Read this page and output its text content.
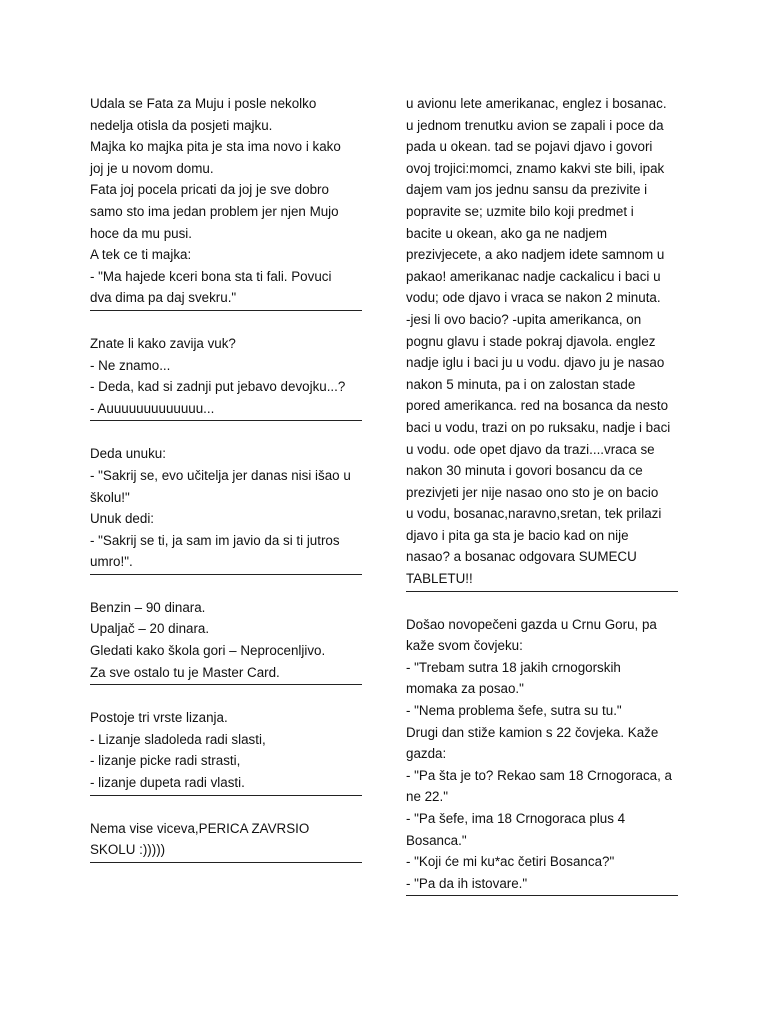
Udala se Fata za Muju i posle nekolko
nedelja otisla da posjeti majku.
Majka ko majka pita je sta ima novo i kako
joj je u novom domu.
Fata joj pocela pricati da joj je sve dobro
samo sto ima jedan problem jer njen Mujo
hoce da mu pusi.
A tek ce ti majka:
- "Ma hajede kceri bona sta ti fali. Povuci
dva dima pa daj svekru."
Znate li kako zavija vuk?
- Ne znamo...
- Deda, kad si zadnji put jebavo devojku...?
- Auuuuuuuuuuuuu...
Deda unuku:
- "Sakrij se, evo učitelja jer danas nisi išao u
školu!"
Unuk dedi:
- "Sakrij se ti, ja sam im javio da si ti jutros
umro!".
Benzin – 90 dinara.
Upaljač – 20 dinara.
Gledati kako škola gori – Neprocenljivo.
Za sve ostalo tu je Master Card.
Postoje tri vrste lizanja.
- Lizanje sladoleda radi slasti,
- lizanje picke radi strasti,
- lizanje dupeta radi vlasti.
Nema vise viceva,PERICA ZAVRSIO
SKOLU :)))))
u avionu lete amerikanac, englez i bosanac.
u jednom trenutku avion se zapali i poce da
pada u okean. tad se pojavi djavo i govori
ovoj trojici:momci, znamo kakvi ste bili, ipak
dajem vam jos jednu sansu da prezivite i
popravite se; uzmite bilo koji predmet i
bacite u okean, ako ga ne nadjem
prezivjecete, a ako nadjem idete samnom u
pakao! amerikanac nadje cackalicu i baci u
vodu; ode djavo i vraca se nakon 2 minuta.
-jesi li ovo bacio? -upita amerikanca, on
pognu glavu i stade pokraj djavola. englez
nadje iglu i baci ju u vodu. djavo ju je nasao
nakon 5 minuta, pa i on zalostan stade
pored amerikanca. red na bosanca da nesto
baci u vodu, trazi on po ruksaku, nadje i baci
u vodu. ode opet djavo da trazi....vraca se
nakon 30 minuta i govori bosancu da ce
prezivjeti jer nije nasao ono sto je on bacio
u vodu, bosanac,naravno,sretan, tek prilazi
djavo i pita ga sta je bacio kad on nije
nasao? a bosanac odgovara SUMECU
TABLETU!!
Došao novopečeni gazda u Crnu Goru, pa
kaže svom čovjeku:
- "Trebam sutra 18 jakih crnogorskih
momaka za posao."
- "Nema problema šefe, sutra su tu."
Drugi dan stiže kamion s 22 čovjeka. Kaže
gazda:
- "Pa šta je to? Rekao sam 18 Crnogoraca, a
ne 22."
- "Pa šefe, ima 18 Crnogoraca plus 4
Bosanca."
- "Koji će mi ku*ac četiri Bosanca?"
- "Pa da ih istovare."
